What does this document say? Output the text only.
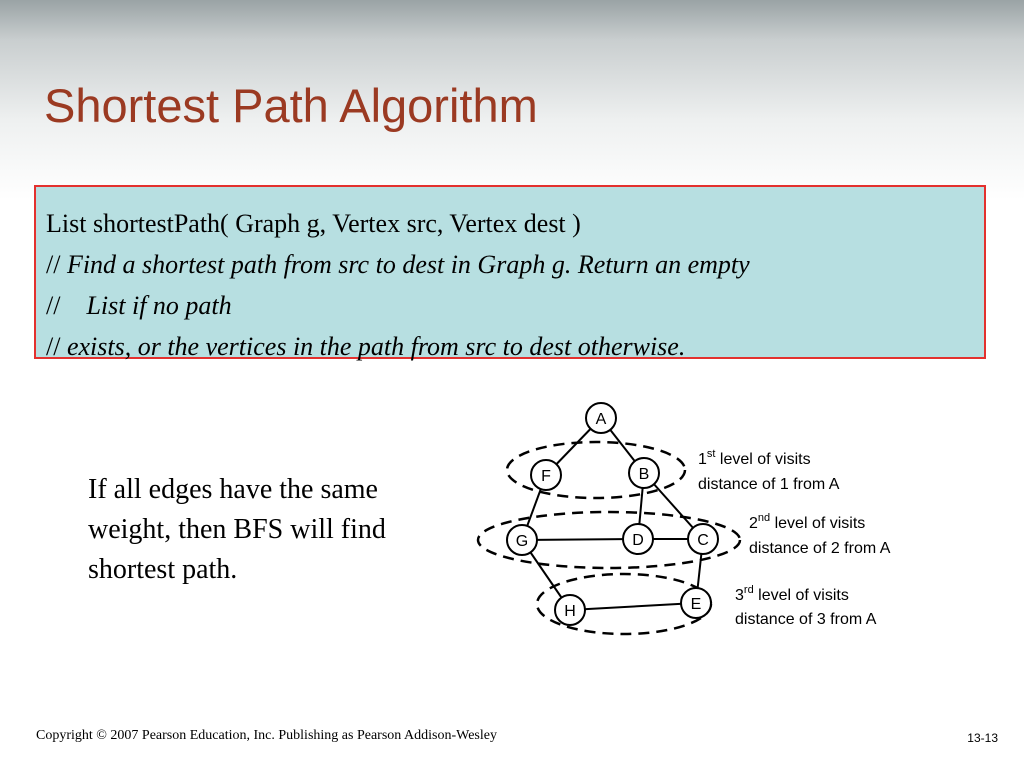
Shortest Path Algorithm
List shortestPath( Graph g, Vertex src, Vertex dest )
// Find a shortest path from src to dest in Graph g. Return an empty
//    List if no path
// exists, or the vertices in the path from src to dest otherwise.
If all edges have the same
weight, then BFS will find
shortest path.
A
F	B
G	D	C
H	E
1st level of visits
distance of 1 from A
2nd level of visits
distance of 2 from A
3rd level of visits
distance of 3 from A
Copyright © 2007 Pearson Education, Inc. Publishing as Pearson Addison-Wesley	13-13
